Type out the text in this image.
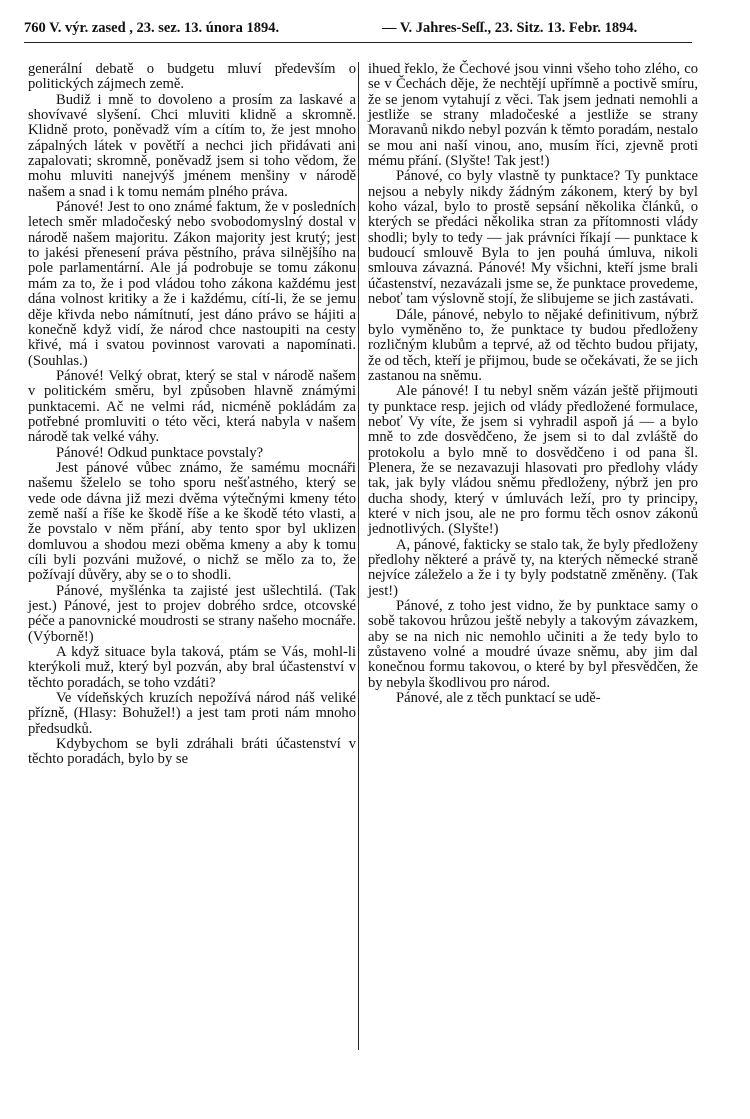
760 V. výr. zased , 23. sez. 13. února 1894.	— V. Jahres-Seſſ., 23. Sitz. 13. Febr. 1894.

generální debatě o budgetu mluví především o politických zájmech země.

Budiž i mně to dovoleno a prosím za laskavé a shovívavé slyšení. Chci mluviti klidně a skromně. Klidně proto, poněvadž vím a cítím to, že jest mnoho zápalných látek v povětří a nechci jich přidávati ani zapalovati; skromně, poněvadž jsem si toho vědom, že mohu mluviti nanejvýš jménem menšiny v národě našem a snad i k tomu nemám plného práva.

Pánové! Jest to ono známé faktum, že v posledních letech směr mladočeský nebo svobodomyslný dostal v národě našem majoritu. Zákon majority jest krutý; jest to jakési přenesení práva pěstního, práva silnějšího na pole parlamentární. Ale já podrobuje se tomu zákonu mám za to, že i pod vládou toho zákona každému jest dána volnost kritiky a že i každému, cítí-li, že se jemu děje křivda nebo námítnutí, jest dáno právo se hájiti a konečně když vidí, že národ chce nastoupiti na cesty křivé, má i svatou povinnost varovati a napomínati. (Souhlas.)

Pánové! Velký obrat, který se stal v národě našem v politickém směru, byl způsoben hlavně známými punktacemi. Ač ne velmi rád, nicméně pokládám za potřebné promluviti o této věci, která nabyla v našem národě tak velké váhy.

Pánové! Odkud punktace povstaly?

Jest pánové vůbec známo, že samému mocnáři našemu šželelo se toho sporu nešťastného, který se vede ode dávna již mezi dvěma výtečnými kmeny této země naší a říše ke škodě říše a ke škodě této vlasti, a že povstalo v něm přání, aby tento spor byl uklizen domluvou a shodou mezi oběma kmeny a aby k tomu cíli byli pozváni mužové, o nichž se mělo za to, že požívají důvěry, aby se o to shodli.

Pánové, myšlénka ta zajisté jest ušlechtilá. (Tak jest.) Pánové, jest to projev dobrého srdce, otcovské péče a panovnické moudrosti se strany našeho mocnáře. (Výborně!)

A když situace byla taková, ptám se Vás, mohl-li kterýkoli muž, který byl pozván, aby bral účastenství v těchto poradách, se toho vzdáti?

Ve vídeňských kruzích nepožívá národ náš veliké přízně, (Hlasy: Bohužel!) a jest tam proti nám mnoho předsudků.

Kdybychom se byli zdráhali bráti účastenství v těchto poradách, bylo by se

ihued řeklo, že Čechové jsou vinni všeho toho zlého, co se v Čechách děje, že nechtějí upřímně a poctivě smíru, že se jenom vytahují z věci. Tak jsem jednati nemohli a jestliže se strany mladočeské a jestliže se strany Moravanů nikdo nebyl pozván k těmto poradám, nestalo se mou ani naší vinou, ano, musím říci, zjevně proti mému přání. (Slyšte! Tak jest!)

Pánové, co byly vlastně ty punktace? Ty punktace nejsou a nebyly nikdy žádným zákonem, který by byl koho vázal, bylo to prostě sepsání několika článků, o kterých se předáci několika stran za přítomnosti vlády shodli; byly to tedy — jak právníci říkají — punktace k budoucí smlouvě Byla to jen pouhá úmluva, nikoli smlouva závazná. Pánové! My všichni, kteří jsme brali účastenství, nezavázali jsme se, že punktace provedeme, neboť tam výslovně stojí, že slibujeme se jich zastávati.

Dále, pánové, nebylo to nějaké definitivum, nýbrž bylo vyměněno to, že punktace ty budou předloženy rozličným klubům a teprvé, až od těchto budou přijaty, že od těch, kteří je přijmou, bude se očekávati, že se jich zastanou na sněmu.

Ale pánové! I tu nebyl sněm vázán ještě přijmouti ty punktace resp. jejich od vlády předložené formulace, neboť Vy víte, že jsem si vyhradil aspoň já — a bylo mně to zde dosvědčeno, že jsem si to dal zvláště do protokolu a bylo mně to dosvědčeno i od pana šl. Plenera, že se nezavazuji hlasovati pro předlohy vlády tak, jak byly vládou sněmu předloženy, nýbrž jen pro ducha shody, který v úmluvách leží, pro ty principy, které v nich jsou, ale ne pro formu těch osnov zákonů jednotlivých. (Slyšte!)

A, pánové, fakticky se stalo tak, že byly předloženy předlohy některé a právě ty, na kterých německé straně nejvíce záleželo a že i ty byly podstatně změněny. (Tak jest!)

Pánové, z toho jest vidno, že by punktace samy o sobě takovou hrůzou ještě nebyly a takovým závazkem, aby se na nich nic nemohlo učiniti a že tedy bylo to zůstaveno volné a moudré úvaze sněmu, aby jim dal konečnou formu takovou, o které by byl přesvědčen, že by nebyla škodlivou pro národ.

Pánové, ale z těch punktací se udě-
